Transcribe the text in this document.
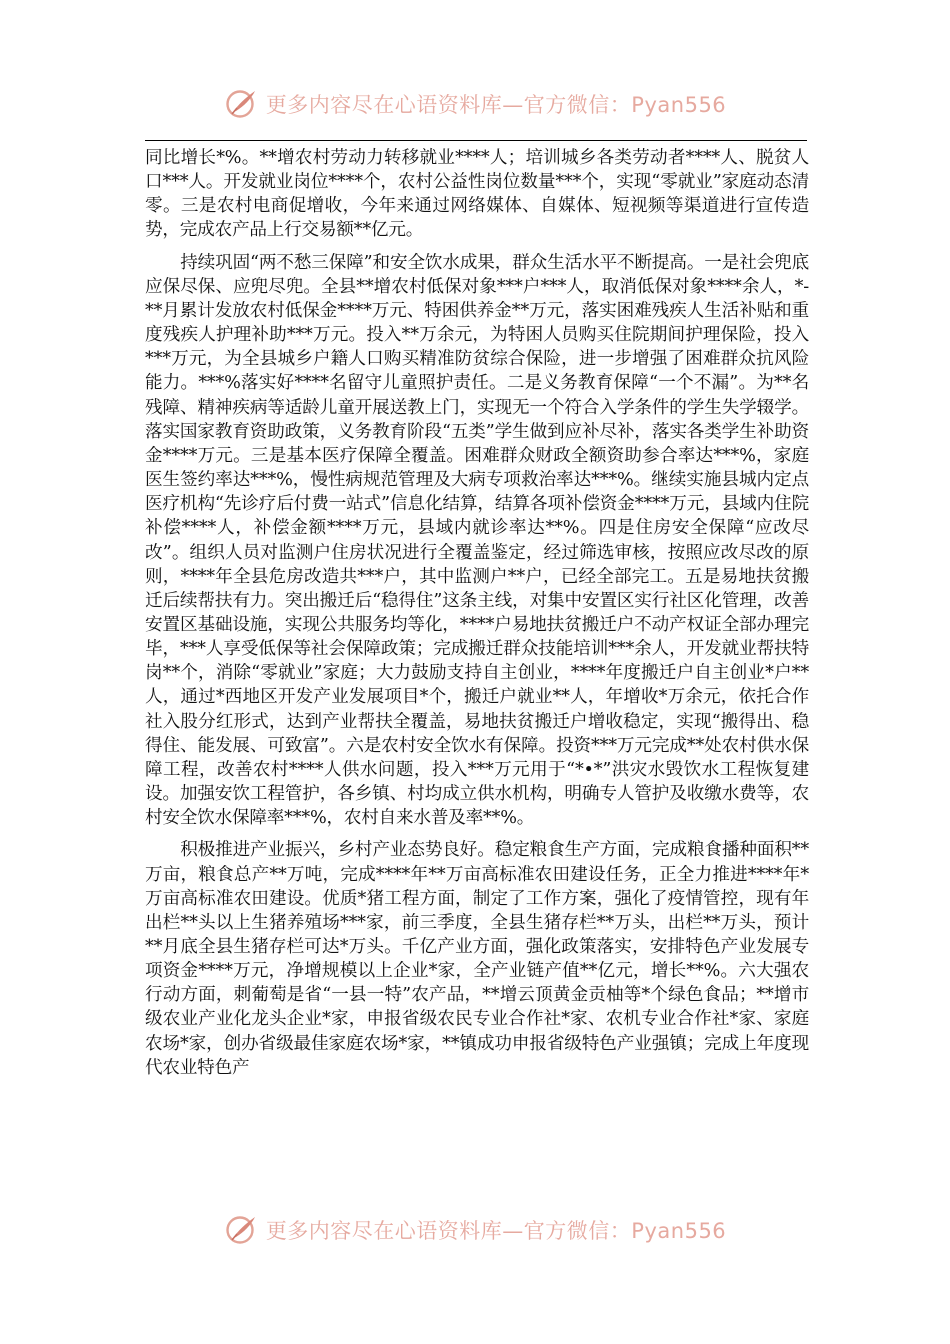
更多内容尽在心语资料库—官方微信：Pyan556

同比增长*%。**增农村劳动力转移就业****人；培训城乡各类劳动者****人、脱贫人口***人。开发就业岗位****个，农村公益性岗位数量***个，实现“零就业”家庭动态清零。三是农村电商促增收，今年来通过网络媒体、自媒体、短视频等渠道进行宣传造势，完成农产品上行交易额**亿元。

持续巩固“两不愁三保障”和安全饮水成果，群众生活水平不断提高。一是社会兜底应保尽保、应兜尽兜。全县**增农村低保对象***户***人，取消低保对象****余人，*-**月累计发放农村低保金****万元、特困供养金**万元，落实困难残疾人生活补贴和重度残疾人护理补助***万元。投入**万余元，为特困人员购买住院期间护理保险，投入***万元，为全县城乡户籍人口购买精准防贫综合保险，进一步增强了困难群众抗风险能力。***%落实好****名留守儿童照护责任。二是义务教育保障“一个不漏”。为**名残障、精神疾病等适龄儿童开展送教上门，实现无一个符合入学条件的学生失学辍学。落实国家教育资助政策，义务教育阶段“五类”学生做到应补尽补，落实各类学生补助资金****万元。三是基本医疗保障全覆盖。困难群众财政全额资助参合率达***%，家庭医生签约率达***%，慢性病规范管理及大病专项救治率达***%。继续实施县城内定点医疗机构“先诊疗后付费一站式”信息化结算，结算各项补偿资金****万元，县域内住院补偿****人，补偿金额****万元，县域内就诊率达**%。四是住房安全保障“应改尽改”。组织人员对监测户住房状况进行全覆盖鉴定，经过筛选审核，按照应改尽改的原则，****年全县危房改造共***户，其中监测户**户，已经全部完工。五是易地扶贫搬迁后续帮扶有力。突出搬迁后“稳得住”这条主线，对集中安置区实行社区化管理，改善安置区基础设施，实现公共服务均等化，****户易地扶贫搬迁户不动产权证全部办理完毕，***人享受低保等社会保障政策；完成搬迁群众技能培训***余人，开发就业帮扶特岗**个，消除“零就业”家庭；大力鼓励支持自主创业，****年度搬迁户自主创业*户**人，通过*西地区开发产业发展项目*个，搬迁户就业**人，年增收*万余元，依托合作社入股分红形式，达到产业帮扶全覆盖，易地扶贫搬迁户增收稳定，实现“搬得出、稳得住、能发展、可致富”。六是农村安全饮水有保障。投资***万元完成**处农村供水保障工程，改善农村****人供水问题，投入***万元用于“*•*”洪灾水毁饮水工程恢复建设。加强安饮工程管护，各乡镇、村均成立供水机构，明确专人管护及收缴水费等，农村安全饮水保障率***%，农村自来水普及率**%。

积极推进产业振兴，乡村产业态势良好。稳定粮食生产方面，完成粮食播种面积**万亩，粮食总产**万吨，完成****年**万亩高标准农田建设任务，正全力推进****年*万亩高标准农田建设。优质*猪工程方面，制定了工作方案，强化了疫情管控，现有年出栏**头以上生猪养殖场***家，前三季度，全县生猪存栏**万头，出栏**万头，预计**月底全县生猪存栏可达*万头。千亿产业方面，强化政策落实，安排特色产业发展专项资金****万元，净增规模以上企业*家，全产业链产值**亿元，增长**%。六大强农行动方面，刺葡萄是省“一县一特”农产品，**增云顶黄金贡柚等*个绿色食品；**增市级农业产业化龙头企业*家，申报省级农民专业合作社*家、农机专业合作社*家、家庭农场*家，创办省级最佳家庭农场*家，**镇成功申报省级特色产业强镇；完成上年度现代农业特色产

更多内容尽在心语资料库—官方微信：Pyan556
